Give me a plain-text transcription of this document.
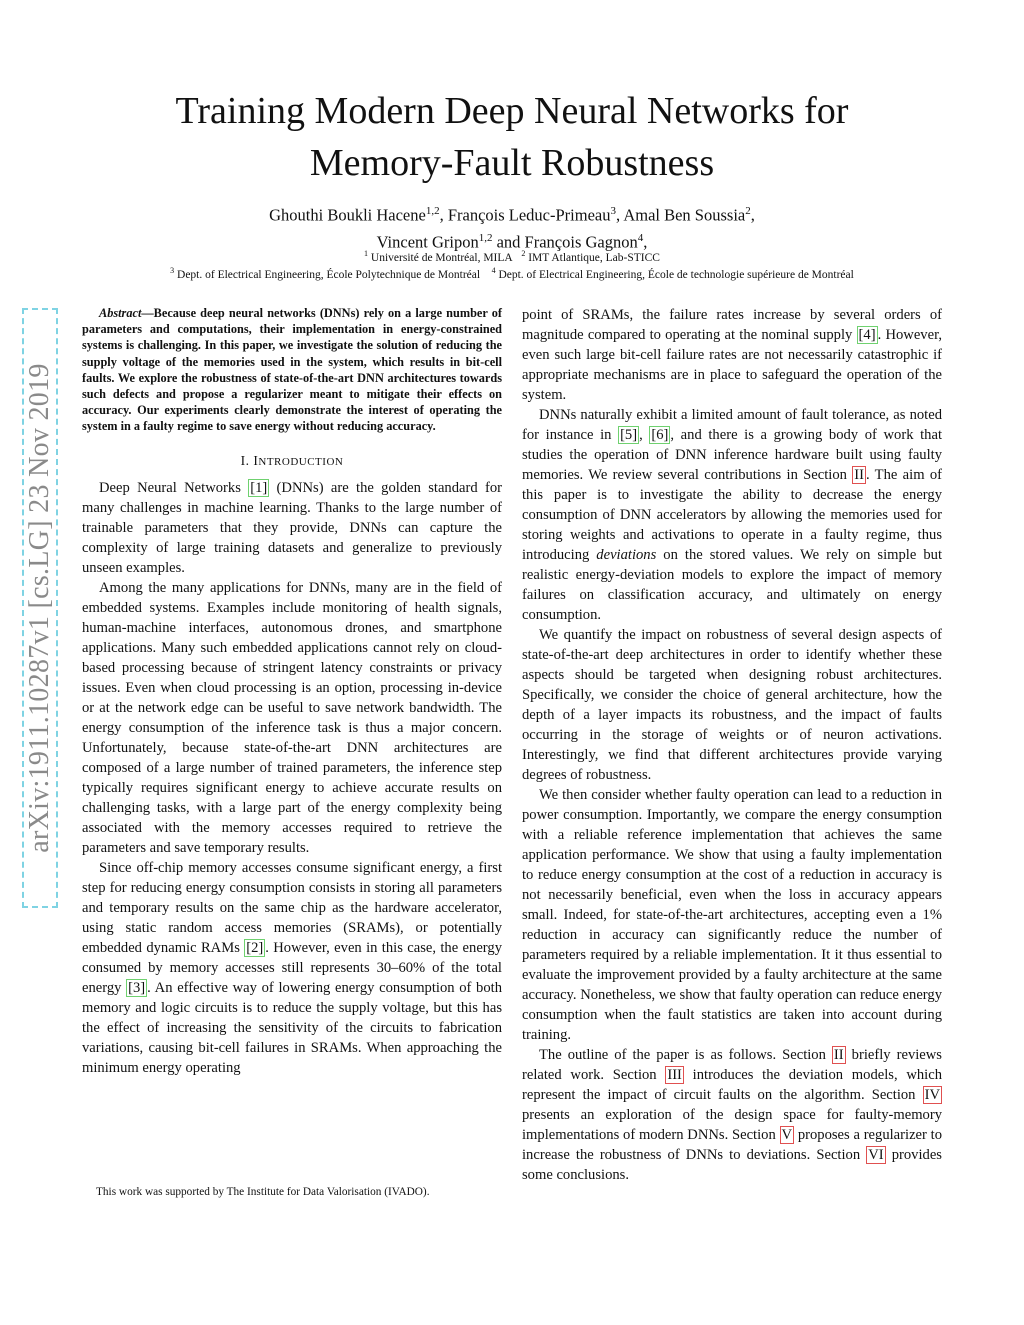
arXiv:1911.10287v1 [cs.LG] 23 Nov 2019
Training Modern Deep Neural Networks for
Memory-Fault Robustness
Ghouthi Boukli Hacene$^{1,2}$, François Leduc-Primeau$^3$, Amal Ben Soussia$^2$,
Vincent Gripon$^{1,2}$ and François Gagnon$^4$,
$^1$ Université de Montréal, MILA $^2$ IMT Atlantique, Lab-STICC
$^3$ Dept. of Electrical Engineering, École Polytechnique de Montréal $^4$ Dept. of Electrical Engineering, École de technologie supérieure de Montréal

Abstract—Because deep neural networks (DNNs) rely on a large number of parameters and computations, their implementation in energy-constrained systems is challenging. In this paper, we investigate the solution of reducing the supply voltage of the memories used in the system, which results in bit-cell faults. We explore the robustness of state-of-the-art DNN architectures towards such defects and propose a regularizer meant to mitigate their effects on accuracy. Our experiments clearly demonstrate the interest of operating the system in a faulty regime to save energy without reducing accuracy.

I. INTRODUCTION

Deep Neural Networks [1] (DNNs) are the golden standard for many challenges in machine learning. Thanks to the large number of trainable parameters that they provide, DNNs can capture the complexity of large training datasets and generalize to previously unseen examples.

Among the many applications for DNNs, many are in the field of embedded systems. Examples include monitoring of health signals, human-machine interfaces, autonomous drones, and smartphone applications. Many such embedded applications cannot rely on cloud-based processing because of stringent latency constraints or privacy issues. Even when cloud processing is an option, processing in-device or at the network edge can be useful to save network bandwidth. The energy consumption of the inference task is thus a major concern. Unfortunately, because state-of-the-art DNN architectures are composed of a large number of trained parameters, the inference step typically requires significant energy to achieve accurate results on challenging tasks, with a large part of the energy complexity being associated with the memory accesses required to retrieve the parameters and save temporary results.

Since off-chip memory accesses consume significant energy, a first step for reducing energy consumption consists in storing all parameters and temporary results on the same chip as the hardware accelerator, using static random access memories (SRAMs), or potentially embedded dynamic RAMs [2] . However, even in this case, the energy consumed by memory accesses still represents 30–60% of the total energy [3] . An effective way of lowering energy consumption of both memory and logic circuits is to reduce the supply voltage, but this has the effect of increasing the sensitivity of the circuits to fabrication variations, causing bit-cell failures in SRAMs. When approaching the minimum energy operating

This work was supported by The Institute for Data Valorisation (IVADO).

point of SRAMs, the failure rates increase by several orders of magnitude compared to operating at the nominal supply [4] . However, even such large bit-cell failure rates are not necessarily catastrophic if appropriate mechanisms are in place to safeguard the operation of the system.

DNNs naturally exhibit a limited amount of fault tolerance, as noted for instance in [5] , [6] , and there is a growing body of work that studies the operation of DNN inference hardware built using faulty memories. We review several contributions in Section II . The aim of this paper is to investigate the ability to decrease the energy consumption of DNN accelerators by allowing the memories used for storing weights and activations to operate in a faulty regime, thus introducing deviations on the stored values. We rely on simple but realistic energy-deviation models to explore the impact of memory failures on classification accuracy, and ultimately on energy consumption.

We quantify the impact on robustness of several design aspects of state-of-the-art deep architectures in order to identify whether these aspects should be targeted when designing robust architectures. Specifically, we consider the choice of general architecture, how the depth of a layer impacts its robustness, and the impact of faults occurring in the storage of weights or of neuron activations. Interestingly, we find that different architectures provide varying degrees of robustness.

We then consider whether faulty operation can lead to a reduction in power consumption. Importantly, we compare the energy consumption with a reliable reference implementation that achieves the same application performance. We show that using a faulty implementation to reduce energy consumption at the cost of a reduction in accuracy is not necessarily beneficial, even when the loss in accuracy appears small. Indeed, for state-of-the-art architectures, accepting even a 1% reduction in accuracy can significantly reduce the number of parameters required by a reliable implementation. It it thus essential to evaluate the improvement provided by a faulty architecture at the same accuracy. Nonetheless, we show that faulty operation can reduce energy consumption when the fault statistics are taken into account during training.

The outline of the paper is as follows. Section II briefly reviews related work. Section III introduces the deviation models, which represent the impact of circuit faults on the algorithm. Section IV presents an exploration of the design space for faulty-memory implementations of modern DNNs. Section V proposes a regularizer to increase the robustness of DNNs to deviations. Section VI provides some conclusions.
